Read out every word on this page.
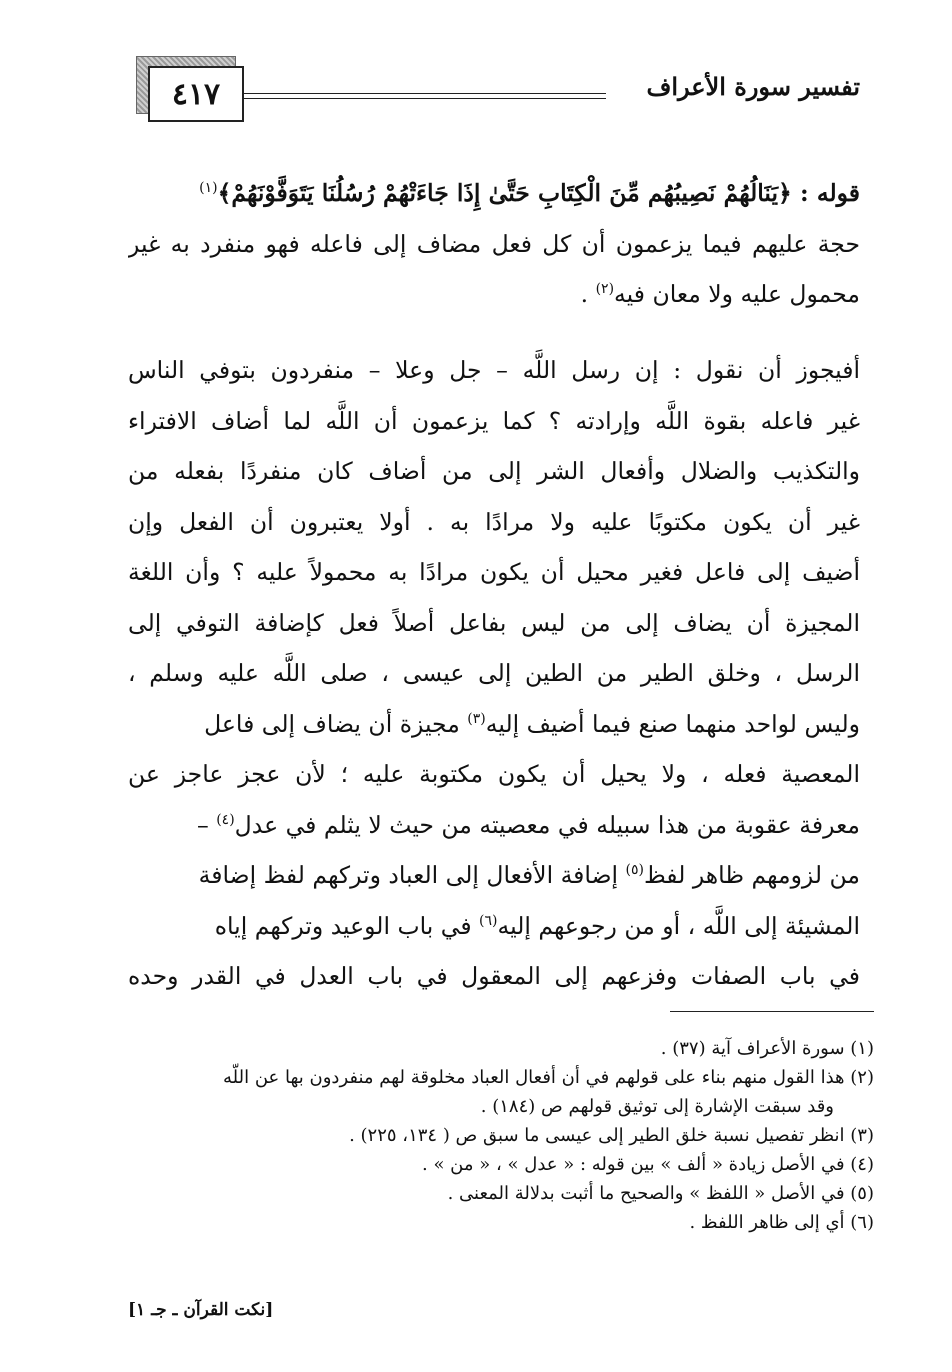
تفسير سورة الأعراف
٤١٧
قوله : ﴿يَنَالُهُمْ نَصِيبُهُم مِّنَ الْكِتَابِ حَتَّىٰ إِذَا جَاءَتْهُمْ رُسُلُنَا يَتَوَفَّوْنَهُمْ﴾$^{(١)}$
حجة عليهم فيما يزعمون أن كل فعل مضاف إلى فاعله فهو منفرد به غير
محمول عليه ولا معان فيه$^{(٢)}$ .
أفيجوز أن نقول : إن رسل اللَّه – جل وعلا – منفردون بتوفي الناس
غير فاعله بقوة اللَّه وإرادته ؟ كما يزعمون أن اللَّه لما أضاف الافتراء
والتكذيب والضلال وأفعال الشر إلى من أضاف كان منفردًا بفعله من
غير أن يكون مكتوبًا عليه ولا مرادًا به . أولا يعتبرون أن الفعل وإن
أضيف إلى فاعل فغير محيل أن يكون مرادًا به محمولاً عليه ؟ وأن اللغة
المجيزة أن يضاف إلى من ليس بفاعل أصلاً فعل كإضافة التوفي إلى
الرسل ، وخلق الطير من الطين إلى عيسى ، صلى اللَّه عليه وسلم ،
وليس لواحد منهما صنع فيما أضيف إليه$^{(٣)}$ مجيزة أن يضاف إلى فاعل
المعصية فعله ، ولا يحيل أن يكون مكتوبة عليه ؛ لأن عجز عاجز عن
معرفة عقوبة من هذا سبيله في معصيته من حيث لا يثلم في عدل$^{(٤)}$ –
من لزومهم ظاهر لفظ$^{(٥)}$ إضافة الأفعال إلى العباد وتركهم لفظ إضافة
المشيئة إلى اللَّه ، أو من رجوعهم إليه$^{(٦)}$ في باب الوعيد وتركهم إياه
في باب الصفات وفزعهم إلى المعقول في باب العدل في القدر وحده
(١) سورة الأعراف آية (٣٧) .
(٢) هذا القول منهم بناء على قولهم في أن أفعال العباد مخلوقة لهم منفردون بها عن اللَّه
وقد سبقت الإشارة إلى توثيق قولهم ص (١٨٤) .
(٣) انظر تفصيل نسبة خلق الطير إلى عيسى ما سبق ص ( ١٣٤، ٢٢٥) .
(٤) في الأصل زيادة « ألف » بين قوله : « عدل » ، « من » .
(٥) في الأصل « اللفظ » والصحيح ما أثبت بدلالة المعنى .
(٦) أي إلى ظاهر اللفظ .
[نكت القرآن ـ جـ ١]
